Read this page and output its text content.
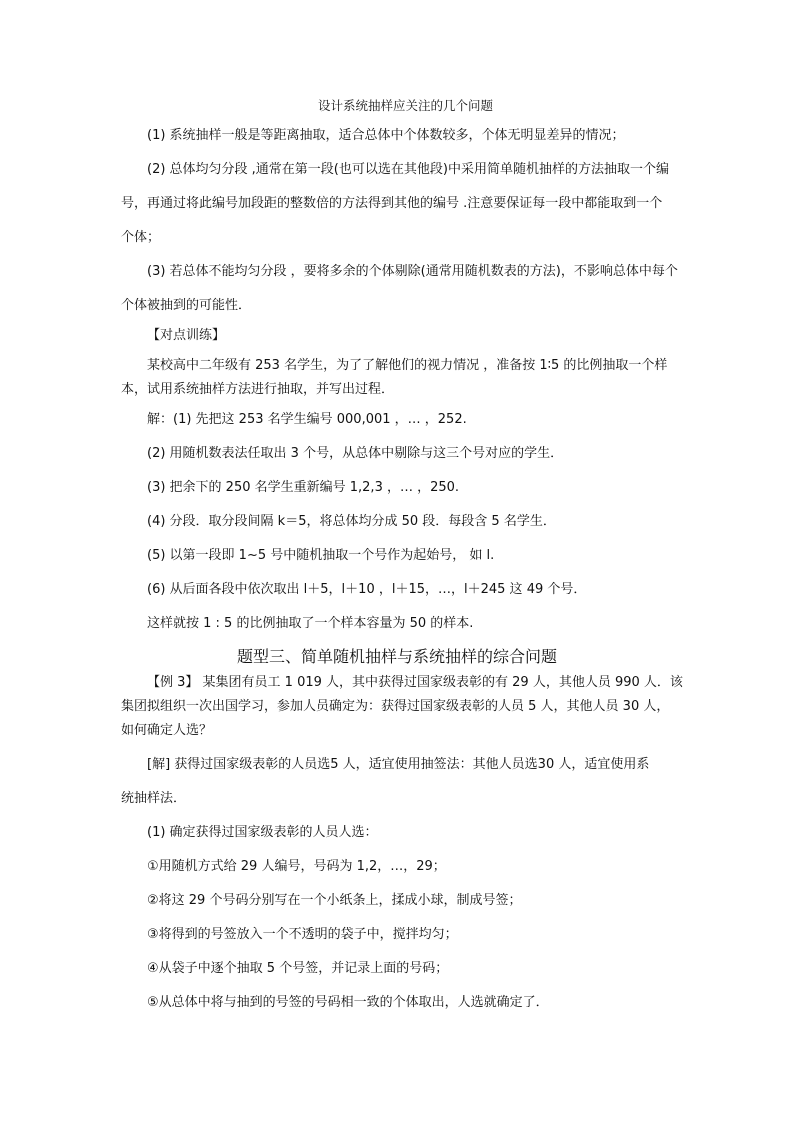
设计系统抽样应关注的几个问题
(1) 系统抽样一般是等距离抽取，适合总体中个体数较多，个体无明显差异的情况；
(2) 总体均匀分段 ,通常在第一段(也可以选在其他段)中采用简单随机抽样的方法抽取一个编
号，再通过将此编号加段距的整数倍的方法得到其他的编号 .注意要保证每一段中都能取到一个
个体；
(3) 若总体不能均匀分段 ，要将多余的个体剔除(通常用随机数表的方法)，不影响总体中每个
个体被抽到的可能性．
【对点训练】
某校高中二年级有 253 名学生，为了了解他们的视力情况 ，准备按 1∶5 的比例抽取一个样
本，试用系统抽样方法进行抽取，并写出过程．
解：(1) 先把这 253 名学生编号 000,001 ，… ，252.
(2) 用随机数表法任取出 3 个号，从总体中剔除与这三个号对应的学生．
(3) 把余下的 250 名学生重新编号 1,2,3 ，… ，250.
(4) 分段．取分段间隔 k＝5，将总体均分成 50 段．每段含 5 名学生．
(5) 以第一段即 1~5 号中随机抽取一个号作为起始号， 如 l.
(6) 从后面各段中依次取出 l＋5，l＋10 ，l＋15，…，l＋245 这 49 个号．
这样就按 1 : 5 的比例抽取了一个样本容量为 50 的样本.
题型三、简单随机抽样与系统抽样的综合问题
【例 3】 某集团有员工 1 019 人，其中获得过国家级表彰的有 29 人，其他人员 990 人．该
集团拟组织一次出国学习，参加人员确定为：获得过国家级表彰的人员 5 人，其他人员 30 人，
如何确定人选？
[解] 获得过国家级表彰的人员选5 人，适宜使用抽签法：其他人员选30 人，适宜使用系
统抽样法．
(1) 确定获得过国家级表彰的人员人选：
①用随机方式给 29 人编号，号码为 1,2，…，29；
②将这 29 个号码分别写在一个小纸条上，揉成小球，制成号签；
③将得到的号签放入一个不透明的袋子中，搅拌均匀；
④从袋子中逐个抽取 5 个号签，并记录上面的号码；
⑤从总体中将与抽到的号签的号码相一致的个体取出，人选就确定了．
